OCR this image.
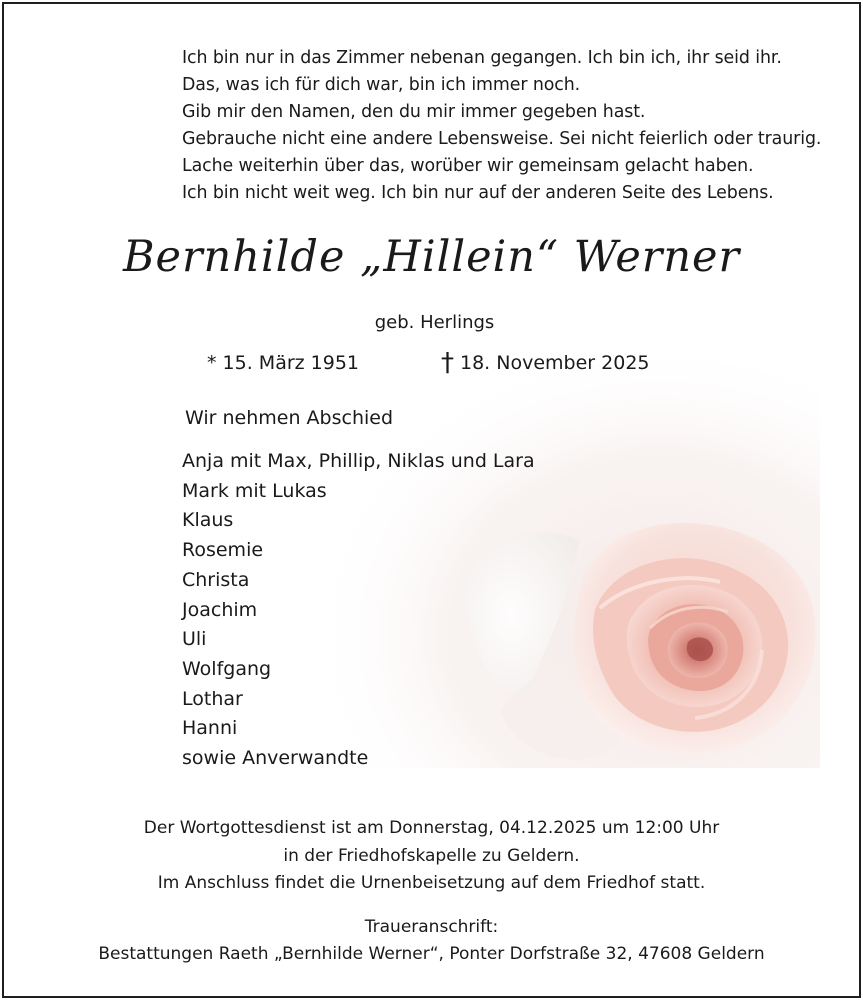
Ich bin nur in das Zimmer nebenan gegangen. Ich bin ich, ihr seid ihr.
Das, was ich für dich war, bin ich immer noch.
Gib mir den Namen, den du mir immer gegeben hast.
Gebrauche nicht eine andere Lebensweise. Sei nicht feierlich oder traurig.
Lache weiterhin über das, worüber wir gemeinsam gelacht haben.
Ich bin nicht weit weg. Ich bin nur auf der anderen Seite des Lebens.
Bernhilde „Hillein“ Werner
geb. Herlings
* 15. März 1951	† 18. November 2025
Wir nehmen Abschied
Anja mit Max, Phillip, Niklas und Lara
Mark mit Lukas
Klaus
Rosemie
Christa
Joachim
Uli
Wolfgang
Lothar
Hanni
sowie Anverwandte
Der Wortgottesdienst ist am Donnerstag, 04.12.2025 um 12:00 Uhr
in der Friedhofskapelle zu Geldern.
Im Anschluss findet die Urnenbeisetzung auf dem Friedhof statt.
Traueranschrift:
Bestattungen Raeth „Bernhilde Werner“, Ponter Dorfstraße 32, 47608 Geldern
